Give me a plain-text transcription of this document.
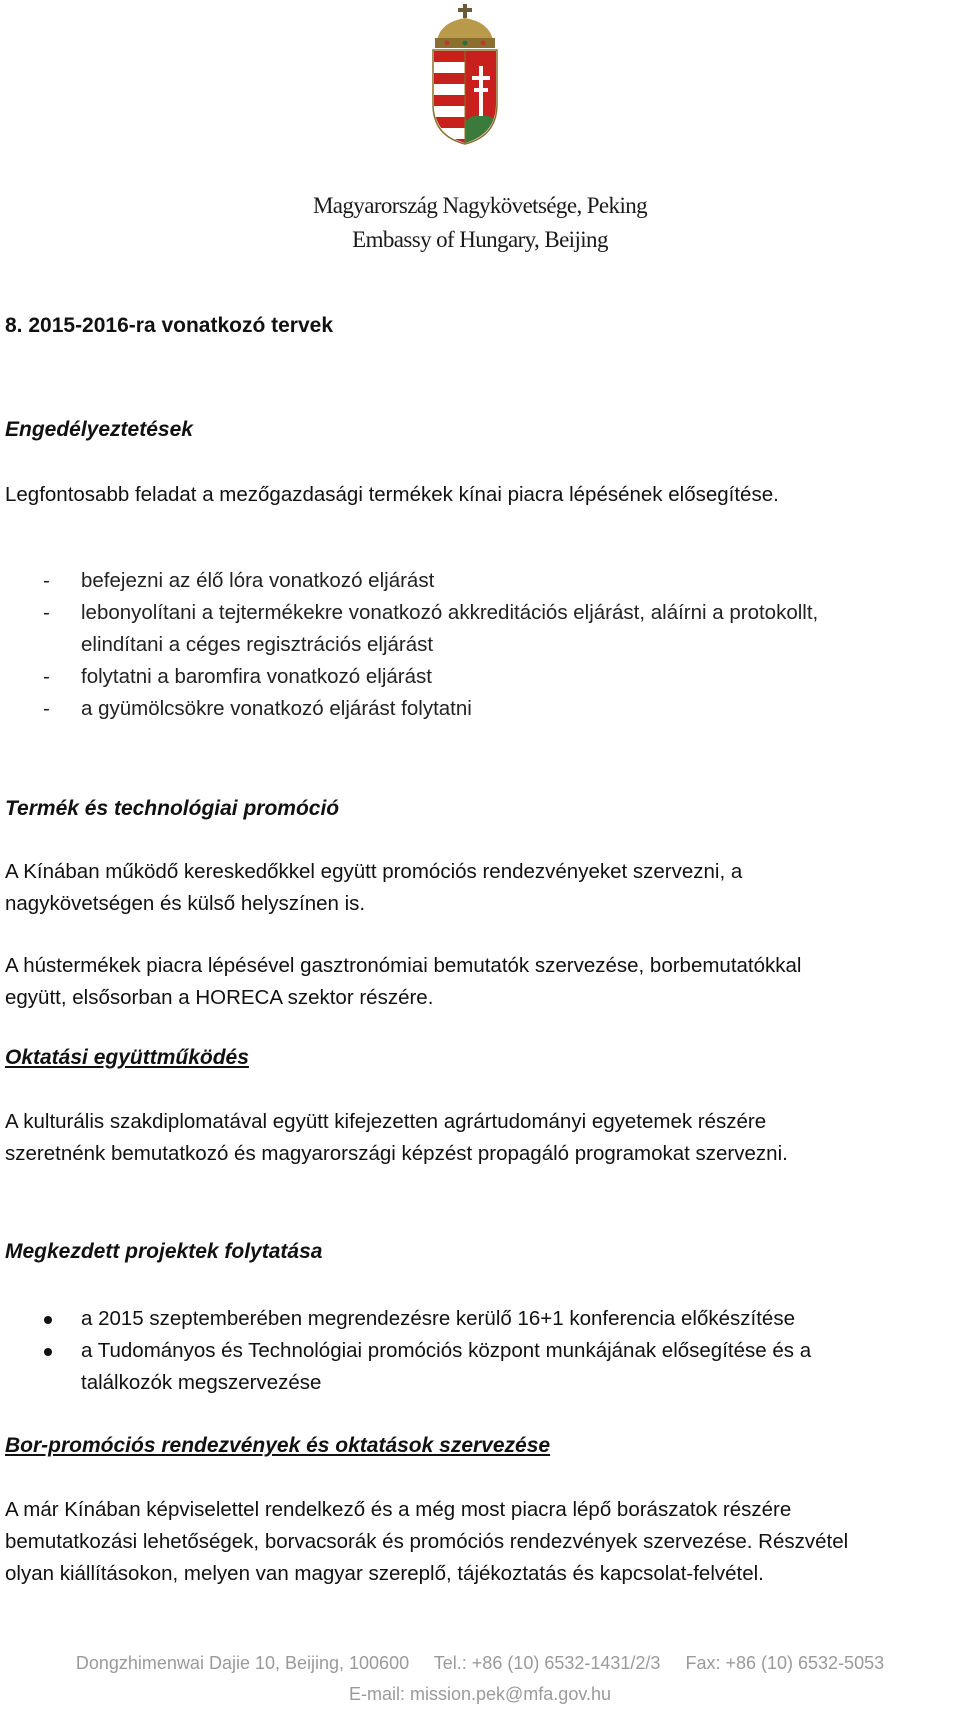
Magyarország Nagykövetsége, Peking
Embassy of Hungary, Beijing
8. 2015-2016-ra vonatkozó tervek
Engedélyeztetések

Legfontosabb feladat a mezőgazdasági termékek kínai piacra lépésének elősegítése.

- befejezni az élő lóra vonatkozó eljárást
- lebonyolítani a tejtermékekre vonatkozó akkreditációs eljárást, aláírni a protokollt,
elindítani a céges regisztrációs eljárást
- folytatni a baromfira vonatkozó eljárást
- a gyümölcsökre vonatkozó eljárást folytatni
Termék és technológiai promóció

A Kínában működő kereskedőkkel együtt promóciós rendezvényeket szervezni, a

nagykövetségen és külső helyszínen is.

A hústermékek piacra lépésével gasztronómiai bemutatók szervezése, borbemutatókkal

együtt, elsősorban a HORECA szektor részére.

Oktatási együttműködés

A kulturális szakdiplomatával együtt kifejezetten agrártudományi egyetemek részére

szeretnénk bemutatkozó és magyarországi képzést propagáló programokat szervezni.

Megkezdett projektek folytatása

a 2015 szeptemberében megrendezésre kerülő 16+1 konferencia előkészítése

a Tudományos és Technológiai promóciós központ munkájának elősegítése és a

találkozók megszervezése

Bor-promóciós rendezvények és oktatások szervezése

A már Kínában képviselettel rendelkező és a még most piacra lépő borászatok részére

bemutatkozási lehetőségek, borvacsorák és promóciós rendezvények szervezése. Részvétel

olyan kiállításokon, melyen van magyar szereplő, tájékoztatás és kapcsolat-felvétel.

Dongzhimenwai Dajie 10, Beijing, 100600 Tel.: +86 (10) 6532-1431/2/3 Fax: +86 (10) 6532-5053
E-mail: mission.pek@mfa.gov.hu
